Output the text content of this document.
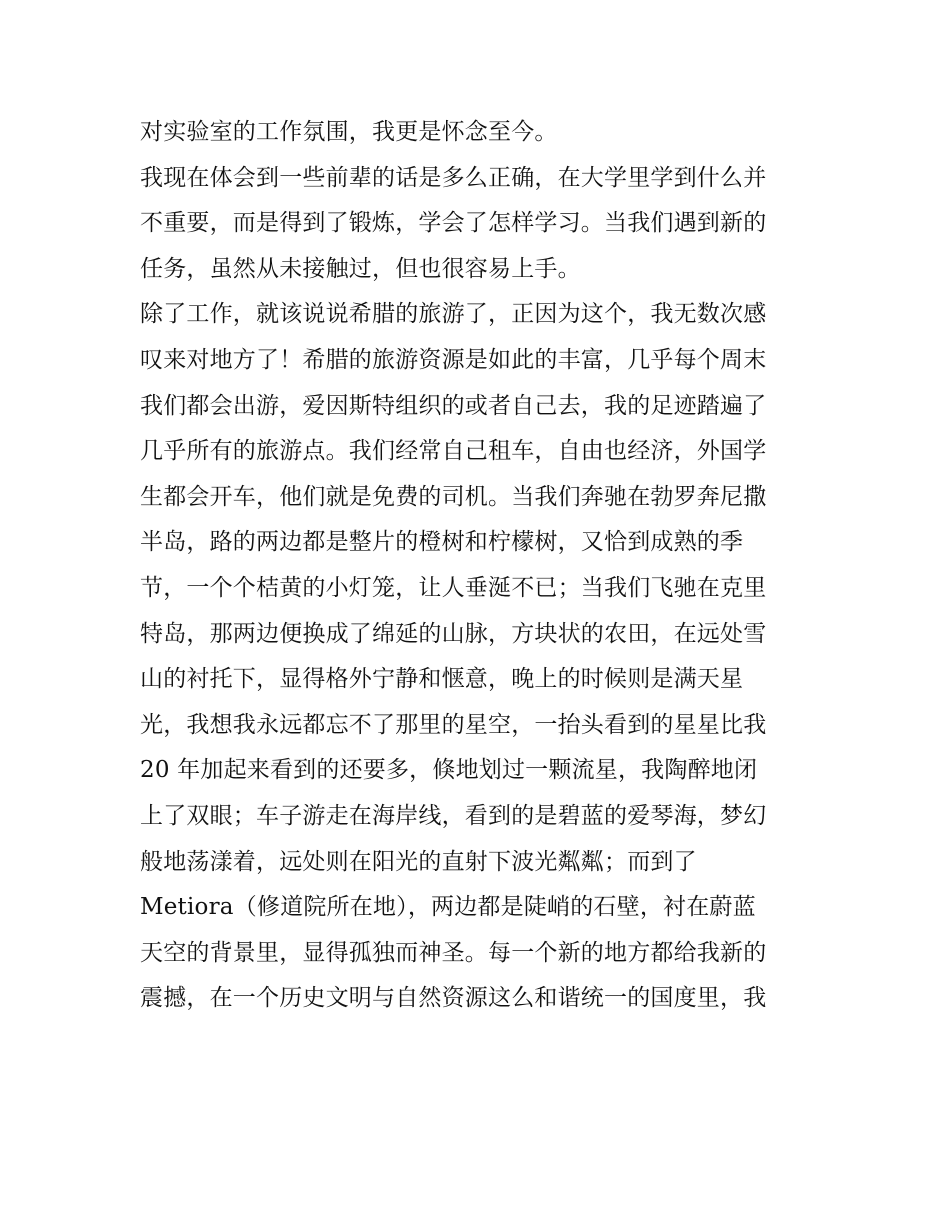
对实验室的工作氛围，我更是怀念至今。
我现在体会到一些前辈的话是多么正确，在大学里学到什么并
不重要，而是得到了锻炼，学会了怎样学习。当我们遇到新的
任务，虽然从未接触过，但也很容易上手。
除了工作，就该说说希腊的旅游了，正因为这个，我无数次感
叹来对地方了！希腊的旅游资源是如此的丰富，几乎每个周末
我们都会出游，爱因斯特组织的或者自己去，我的足迹踏遍了
几乎所有的旅游点。我们经常自己租车，自由也经济，外国学
生都会开车，他们就是免费的司机。当我们奔驰在勃罗奔尼撒
半岛，路的两边都是整片的橙树和柠檬树，又恰到成熟的季
节，一个个桔黄的小灯笼，让人垂涎不已；当我们飞驰在克里
特岛，那两边便换成了绵延的山脉，方块状的农田，在远处雪
山的衬托下，显得格外宁静和惬意，晚上的时候则是满天星
光，我想我永远都忘不了那里的星空，一抬头看到的星星比我
20 年加起来看到的还要多，倏地划过一颗流星，我陶醉地闭
上了双眼；车子游走在海岸线，看到的是碧蓝的爱琴海，梦幻
般地荡漾着，远处则在阳光的直射下波光粼粼；而到了
Metiora（修道院所在地），两边都是陡峭的石壁，衬在蔚蓝
天空的背景里，显得孤独而神圣。每一个新的地方都给我新的
震撼，在一个历史文明与自然资源这么和谐统一的国度里，我
